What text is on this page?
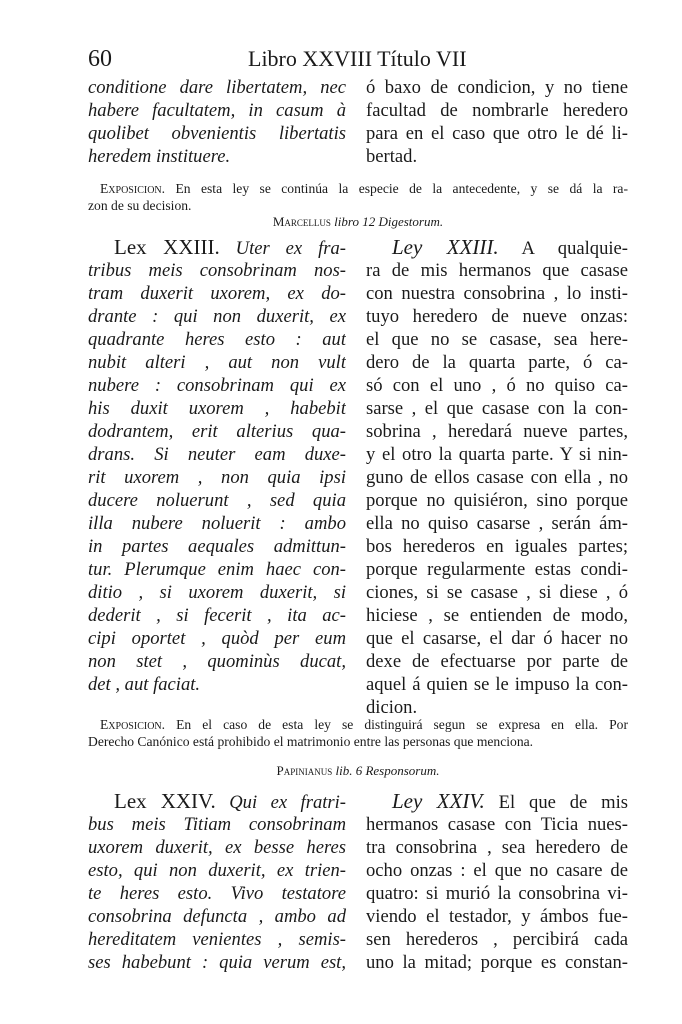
60	Libro XXVIII Título VII
conditione dare libertatem, nec
habere facultatem, in casum à
quolibet obvenientis libertatis
heredem instituere.
ó baxo de condicion, y no tiene
facultad de nombrarle heredero
para en el caso que otro le dé li-
bertad.
Exposicion. En esta ley se continúa la especie de la antecedente, y se dá la ra-
zon de su decision.
Marcellus libro 12 Digestorum.
Lex XXIII. Uter ex fra-
tribus meis consobrinam nos-
tram duxerit uxorem, ex do-
drante : qui non duxerit, ex
quadrante heres esto : aut
nubit alteri , aut non vult
nubere : consobrinam qui ex
his duxit uxorem , habebit
dodrantem, erit alterius qua-
drans. Si neuter eam duxe-
rit uxorem , non quia ipsi
ducere noluerunt , sed quia
illa nubere noluerit : ambo
in partes aequales admittun-
tur. Plerumque enim haec con-
ditio , si uxorem duxerit, si
dederit , si fecerit , ita ac-
cipi oportet , quòd per eum
non stet , quominùs ducat,
det , aut faciat.
Ley XXIII. A qualquie-
ra de mis hermanos que casase
con nuestra consobrina , lo insti-
tuyo heredero de nueve onzas:
el que no se casase, sea here-
dero de la quarta parte, ó ca-
só con el uno , ó no quiso ca-
sarse , el que casase con la con-
sobrina , heredará nueve partes,
y el otro la quarta parte. Y si nin-
guno de ellos casase con ella , no
porque no quisiéron, sino porque
ella no quiso casarse , serán ám-
bos herederos en iguales partes;
porque regularmente estas condi-
ciones, si se casase , si diese , ó
hiciese , se entienden de modo,
que el casarse, el dar ó hacer no
dexe de efectuarse por parte de
aquel á quien se le impuso la con-
dicion.
Exposicion. En el caso de esta ley se distinguirá segun se expresa en ella. Por
Derecho Canónico está prohibido el matrimonio entre las personas que menciona.
Papinianus lib. 6 Responsorum.
Lex XXIV. Qui ex fratri-
bus meis Titiam consobrinam
uxorem duxerit, ex besse heres
esto, qui non duxerit, ex trien-
te heres esto. Vivo testatore
consobrina defuncta , ambo ad
hereditatem venientes , semis-
ses habebunt : quia verum est,
Ley XXIV. El que de mis
hermanos casase con Ticia nues-
tra consobrina , sea heredero de
ocho onzas : el que no casare de
quatro: si murió la consobrina vi-
viendo el testador, y ámbos fue-
sen herederos , percibirá cada
uno la mitad; porque es constan-
